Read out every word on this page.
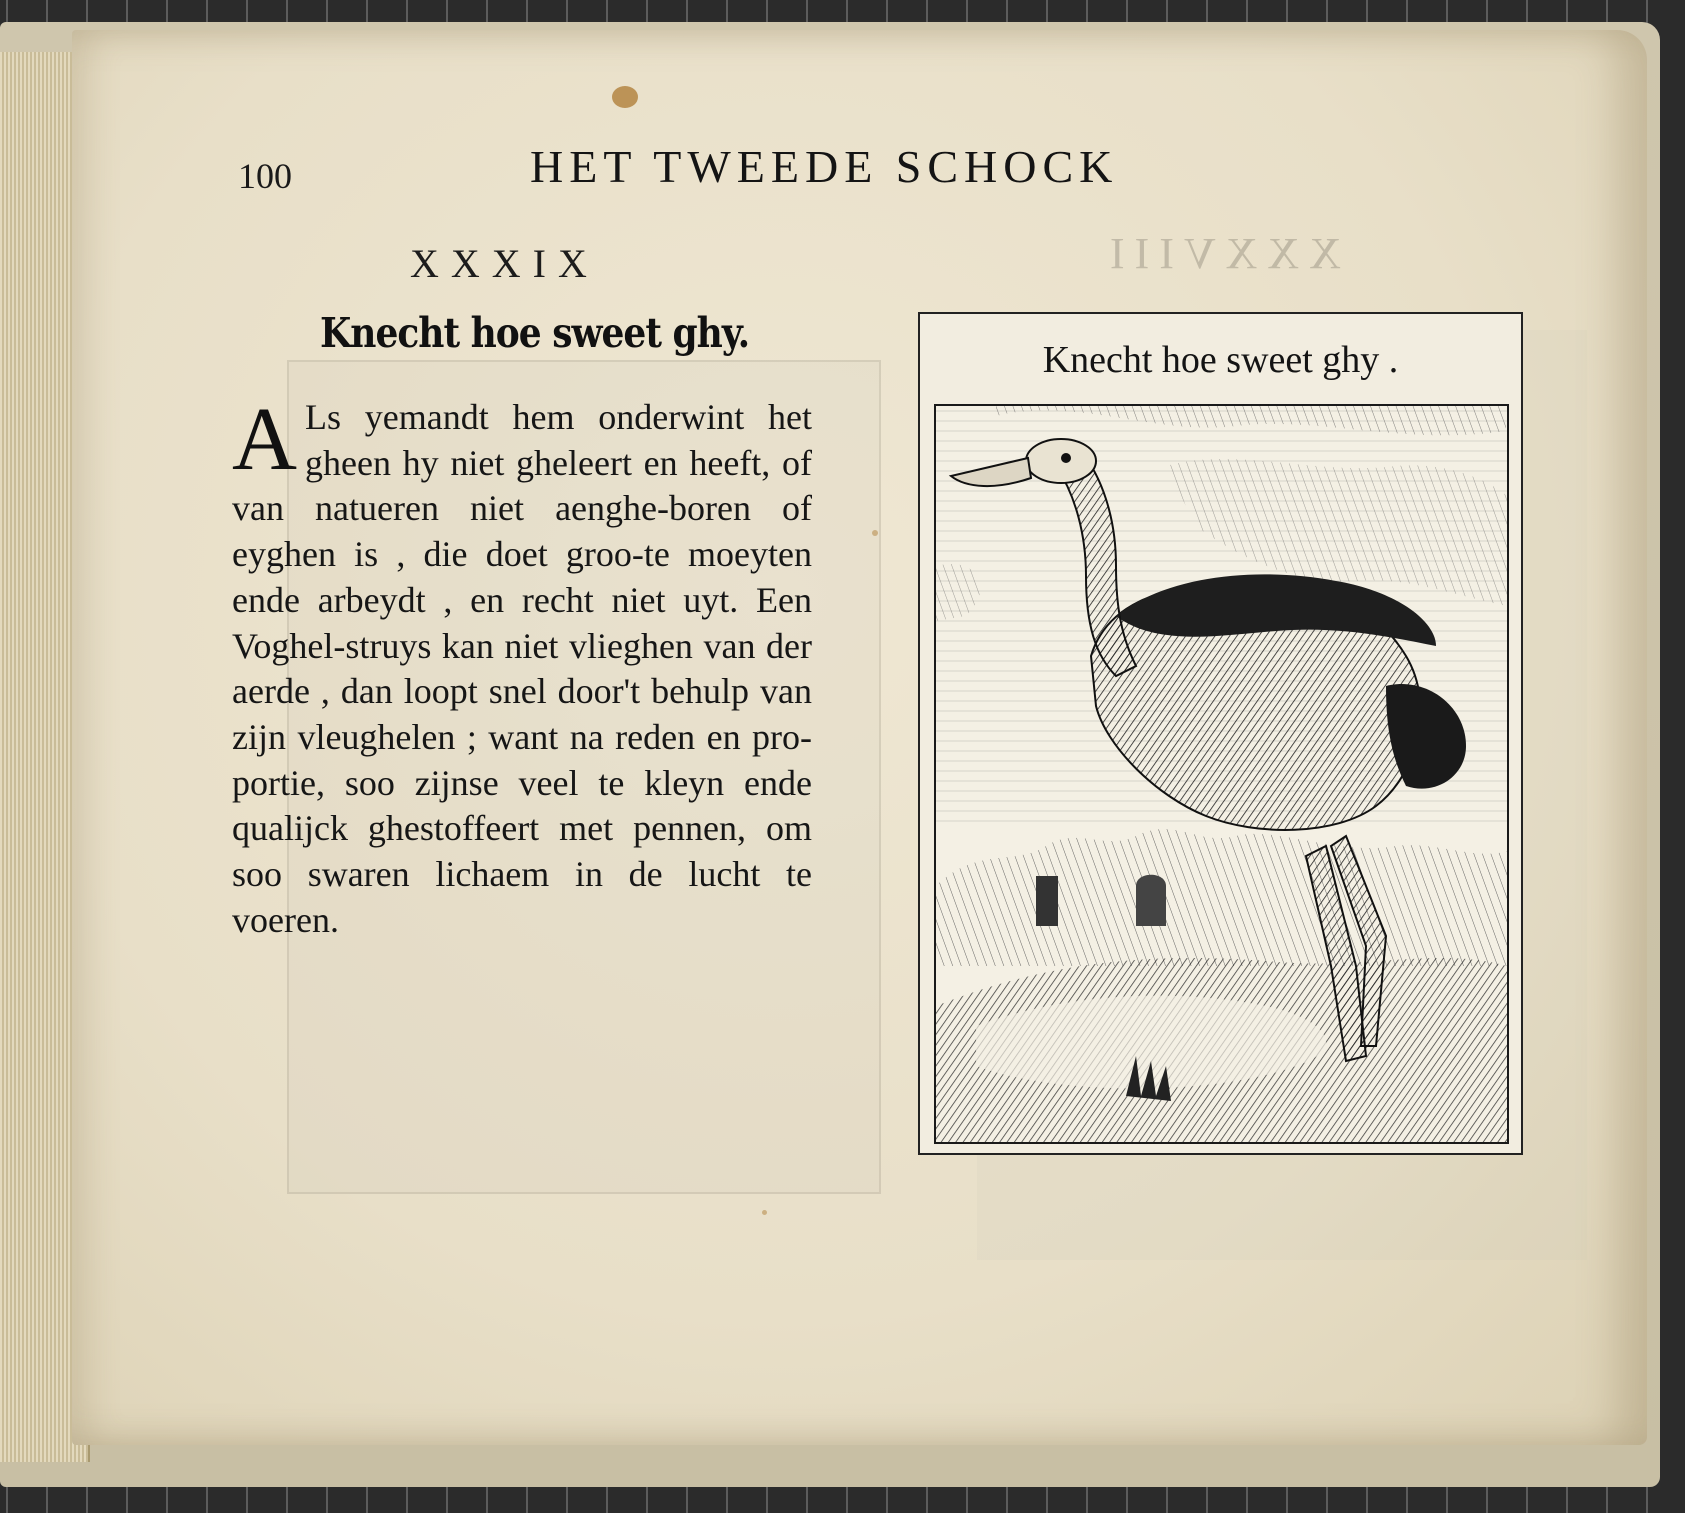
XXXVIII
100	HET TWEEDE SCHOCK
XXXIX
Knecht hoe sweet ghy.

A Ls yemandt hem onderwint het gheen hy niet gheleert en heeft, of van natueren niet aenghe-boren of eyghen is , die doet groo-te moeyten ende arbeydt , en recht niet uyt. Een Voghel-struys kan niet vlieghen van der aerde , dan loopt snel door't behulp van zijn vleughelen ; want na reden en pro-portie, soo zijnse veel te kleyn ende qualijck ghestoffeert met pennen, om soo swaren lichaem in de lucht te voeren.

Knecht hoe sweet ghy .
